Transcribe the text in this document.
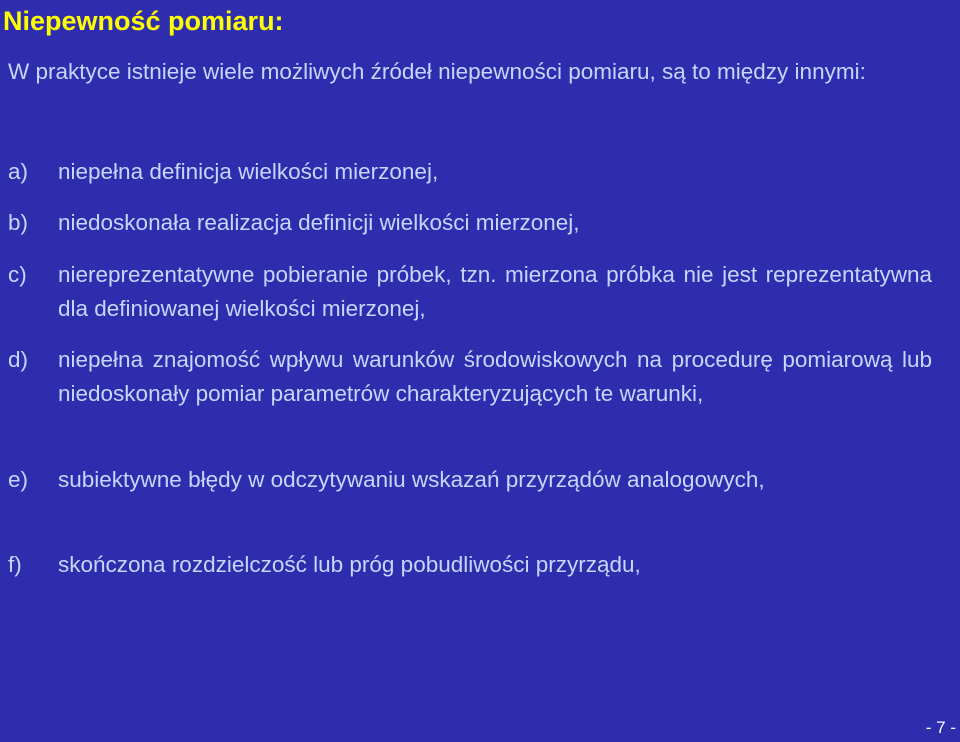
Niepewność pomiaru:

W praktyce istnieje wiele możliwych źródeł niepewności pomiaru, są to między innymi:

a) niepełna definicja wielkości mierzonej,
b) niedoskonała realizacja definicji wielkości mierzonej,
c) niereprezentatywne pobieranie próbek, tzn. mierzona próbka nie jest reprezentatywna dla definiowanej wielkości mierzonej,
d) niepełna znajomość wpływu warunków środowiskowych na procedurę pomiarową lub niedoskonały pomiar parametrów charakteryzujących te warunki,
e) subiektywne błędy w odczytywaniu wskazań przyrządów analogowych,
f) skończona rozdzielczość lub próg pobudliwości przyrządu,
- 7 -
